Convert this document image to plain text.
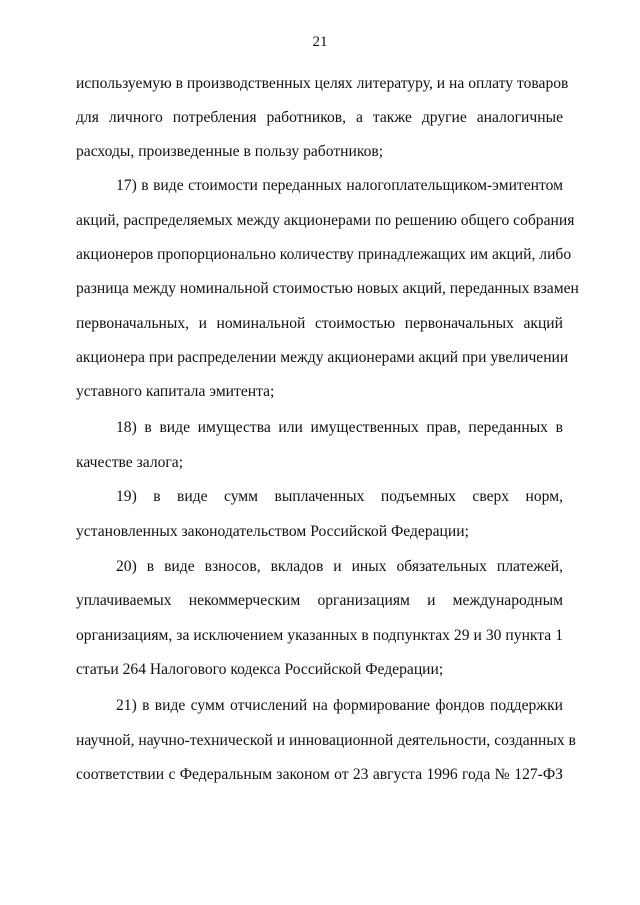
21
используемую в производственных целях литературу, и на оплату товаров
для личного потребления работников, а также другие аналогичные
расходы, произведенные в пользу работников;
17) в виде стоимости переданных налогоплательщиком-эмитентом
акций, распределяемых между акционерами по решению общего собрания
акционеров пропорционально количеству принадлежащих им акций, либо
разница между номинальной стоимостью новых акций, переданных взамен
первоначальных, и номинальной стоимостью первоначальных акций
акционера при распределении между акционерами акций при увеличении
уставного капитала эмитента;
18) в виде имущества или имущественных прав, переданных в
качестве залога;
19) в виде сумм выплаченных подъемных сверх норм,
установленных законодательством Российской Федерации;
20) в виде взносов, вкладов и иных обязательных платежей,
уплачиваемых некоммерческим организациям и международным
организациям, за исключением указанных в подпунктах 29 и 30 пункта 1
статьи 264 Налогового кодекса Российской Федерации;
21) в виде сумм отчислений на формирование фондов поддержки
научной, научно-технической и инновационной деятельности, созданных в
соответствии с Федеральным законом от 23 августа 1996 года № 127-ФЗ
